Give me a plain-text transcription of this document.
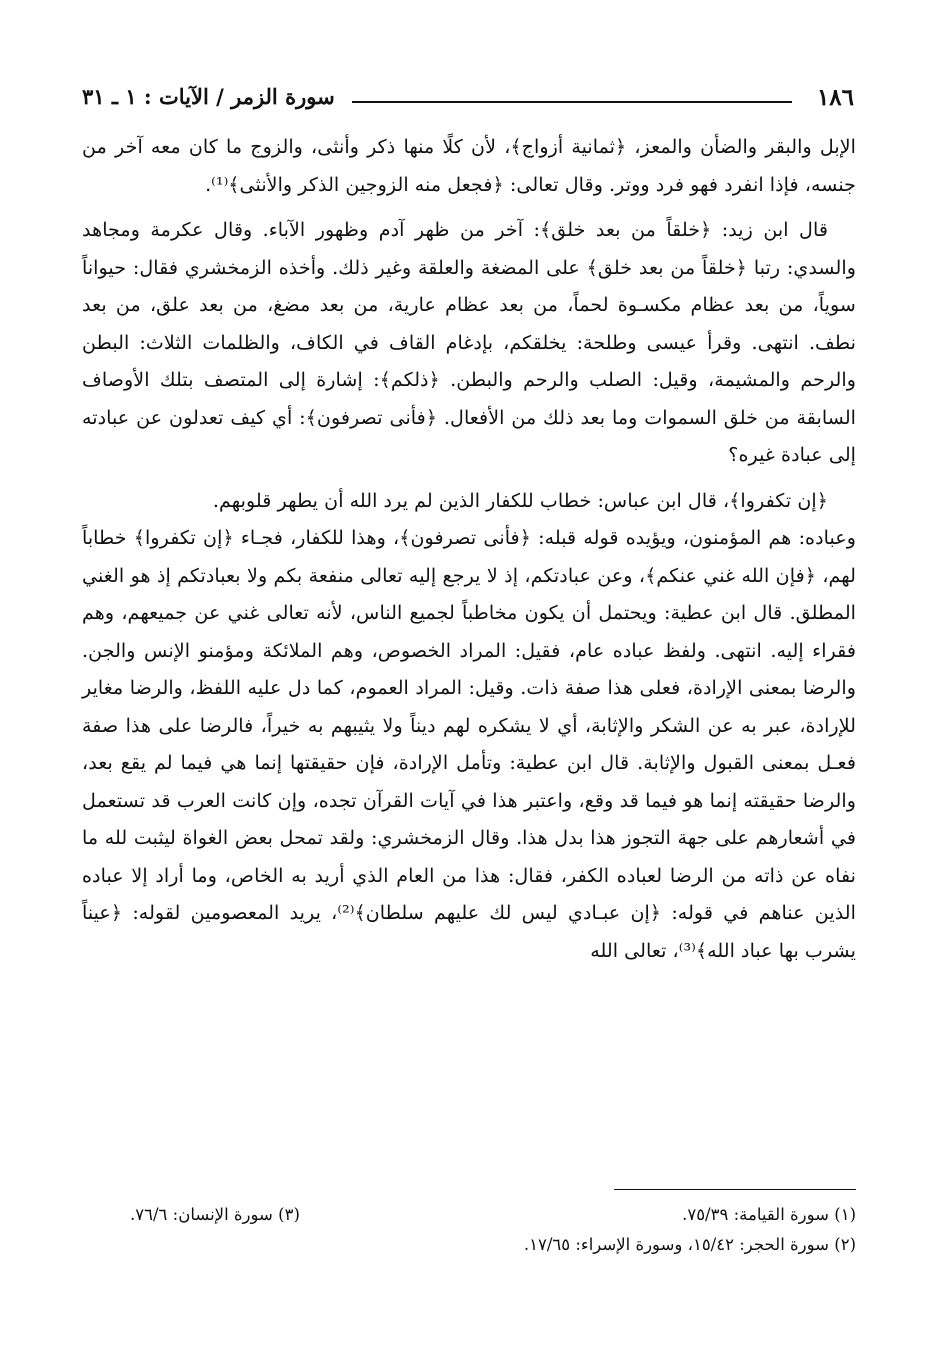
١٨٦
سورة الزمر / الآيات : ١ ـ ٣١

الإبل والبقر والضأن والمعز، ﴿ثمانية أزواج﴾، لأن كلًا منها ذكر وأنثى، والزوج ما كان معه آخر من جنسه، فإذا انفرد فهو فرد ووتر. وقال تعالى: ﴿فجعل منه الزوجين الذكر والأنثى﴾⁽¹⁾.

قال ابن زيد: ﴿خلقاً من بعد خلق﴾: آخر من ظهر آدم وظهور الآباء. وقال عكرمة ومجاهد والسدي: رتبا ﴿خلقاً من بعد خلق﴾ على المضغة والعلقة وغير ذلك. وأخذه الزمخشري فقال: حيواناً سوياً، من بعد عظام مكسـوة لحماً، من بعد عظام عارية، من بعد مضغ، من بعد علق، من بعد نطف. انتهى. وقرأ عيسى وطلحة: يخلقكم، بإدغام القاف في الكاف، والظلمات الثلاث: البطن والرحم والمشيمة، وقيل: الصلب والرحم والبطن. ﴿ذلكم﴾: إشارة إلى المتصف بتلك الأوصاف السابقة من خلق السموات وما بعد ذلك من الأفعال. ﴿فأنى تصرفون﴾: أي كيف تعدلون عن عبادته إلى عبادة غيره؟

﴿إن تكفروا﴾، قال ابن عباس: خطاب للكفار الذين لم يرد الله أن يطهر قلوبهم.

وعباده: هم المؤمنون، ويؤيده قوله قبله: ﴿فأنى تصرفون﴾، وهذا للكفار، فجـاء ﴿إن تكفروا﴾ خطاباً لهم، ﴿فإن الله غني عنكم﴾، وعن عبادتكم، إذ لا يرجع إليه تعالى منفعة بكم ولا بعبادتكم إذ هو الغني المطلق. قال ابن عطية: ويحتمل أن يكون مخاطباً لجميع الناس، لأنه تعالى غني عن جميعهم، وهم فقراء إليه. انتهى. ولفظ عباده عام، فقيل: المراد الخصوص، وهم الملائكة ومؤمنو الإنس والجن. والرضا بمعنى الإرادة، فعلى هذا صفة ذات. وقيل: المراد العموم، كما دل عليه اللفظ، والرضا مغاير للإرادة، عبر به عن الشكر والإثابة، أي لا يشكره لهم ديناً ولا يثيبهم به خيراً، فالرضا على هذا صفة فعـل بمعنى القبول والإثابة. قال ابن عطية: وتأمل الإرادة، فإن حقيقتها إنما هي فيما لم يقع بعد، والرضا حقيقته إنما هو فيما قد وقع، واعتبر هذا في آيات القرآن تجده، وإن كانت العرب قد تستعمل في أشعارهم على جهة التجوز هذا بدل هذا. وقال الزمخشري: ولقد تمحل بعض الغواة ليثبت لله ما نفاه عن ذاته من الرضا لعباده الكفر، فقال: هذا من العام الذي أريد به الخاص، وما أراد إلا عباده الذين عناهم في قوله: ﴿إن عبـادي ليس لك عليهم سلطان﴾⁽²⁾، يريد المعصومين لقوله: ﴿عيناً يشرب بها عباد الله﴾⁽³⁾، تعالى الله

(١) سورة القيامة: ٧٥/٣٩.
(٣) سورة الإنسان: ٧٦/٦.
(٢) سورة الحجر: ١٥/٤٢، وسورة الإسراء: ١٧/٦٥.
